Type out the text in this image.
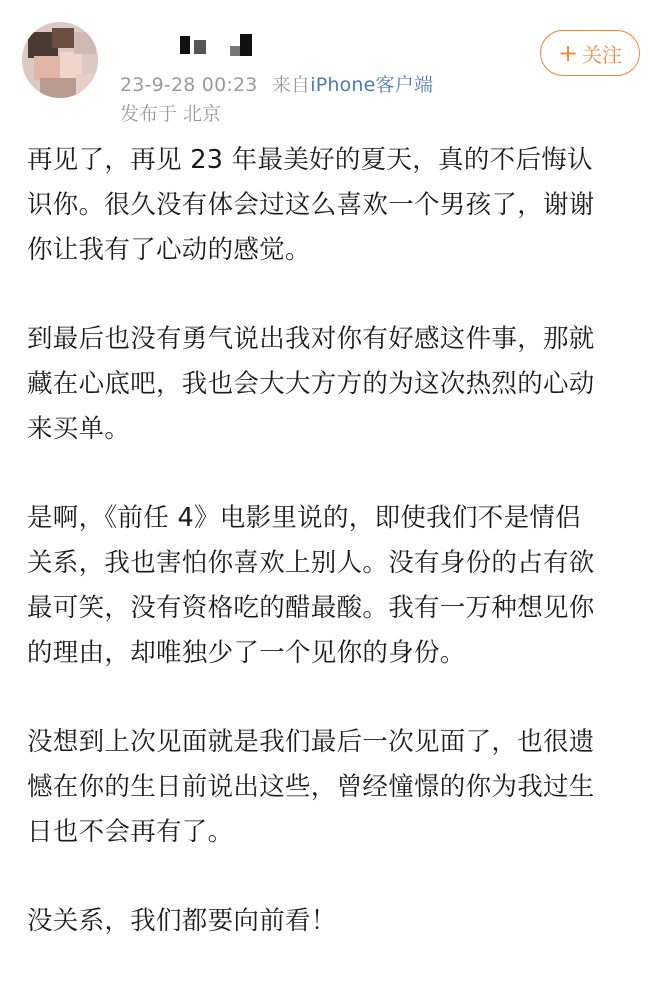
23-9-28 00:23 来自iPhone客户端
发布于 北京
+ 关注

再见了，再见 23 年最美好的夏天，真的不后悔认
识你。很久没有体会过这么喜欢一个男孩了，谢谢
你让我有了心动的感觉。

到最后也没有勇气说出我对你有好感这件事，那就
藏在心底吧，我也会大大方方的为这次热烈的心动
来买单。

是啊，《前任 4》电影里说的，即使我们不是情侣
关系，我也害怕你喜欢上别人。没有身份的占有欲
最可笑，没有资格吃的醋最酸。我有一万种想见你
的理由，却唯独少了一个见你的身份。

没想到上次见面就是我们最后一次见面了，也很遗
憾在你的生日前说出这些，曾经憧憬的你为我过生
日也不会再有了。

没关系，我们都要向前看！
